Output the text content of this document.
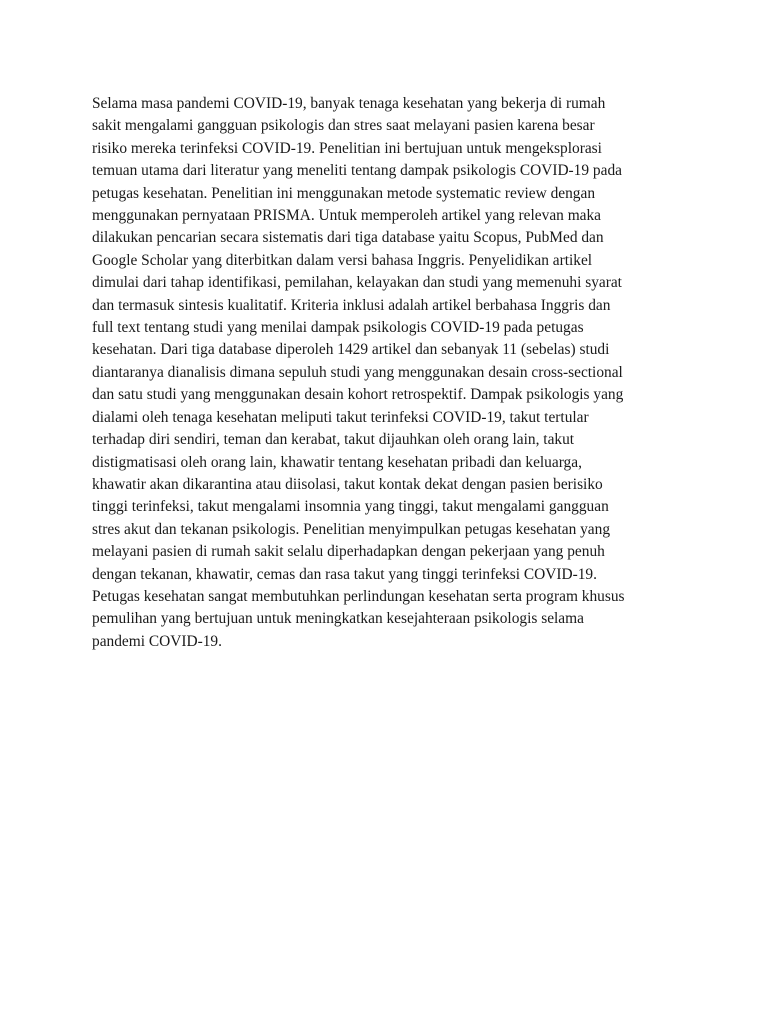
Selama masa pandemi COVID-19, banyak tenaga kesehatan yang bekerja di rumah
sakit mengalami gangguan psikologis dan stres saat melayani pasien karena besar
risiko mereka terinfeksi COVID-19. Penelitian ini bertujuan untuk mengeksplorasi
temuan utama dari literatur yang meneliti tentang dampak psikologis COVID-19 pada
petugas kesehatan. Penelitian ini menggunakan metode systematic review dengan
menggunakan pernyataan PRISMA. Untuk memperoleh artikel yang relevan maka
dilakukan pencarian secara sistematis dari tiga database yaitu Scopus, PubMed dan
Google Scholar yang diterbitkan dalam versi bahasa Inggris. Penyelidikan artikel
dimulai dari tahap identifikasi, pemilahan, kelayakan dan studi yang memenuhi syarat
dan termasuk sintesis kualitatif. Kriteria inklusi adalah artikel berbahasa Inggris dan
full text tentang studi yang menilai dampak psikologis COVID-19 pada petugas
kesehatan. Dari tiga database diperoleh 1429 artikel dan sebanyak 11 (sebelas) studi
diantaranya dianalisis dimana sepuluh studi yang menggunakan desain cross-sectional
dan satu studi yang menggunakan desain kohort retrospektif. Dampak psikologis yang
dialami oleh tenaga kesehatan meliputi takut terinfeksi COVID-19, takut tertular
terhadap diri sendiri, teman dan kerabat, takut dijauhkan oleh orang lain, takut
distigmatisasi oleh orang lain, khawatir tentang kesehatan pribadi dan keluarga,
khawatir akan dikarantina atau diisolasi, takut kontak dekat dengan pasien berisiko
tinggi terinfeksi, takut mengalami insomnia yang tinggi, takut mengalami gangguan
stres akut dan tekanan psikologis. Penelitian menyimpulkan petugas kesehatan yang
melayani pasien di rumah sakit selalu diperhadapkan dengan pekerjaan yang penuh
dengan tekanan, khawatir, cemas dan rasa takut yang tinggi terinfeksi COVID-19.
Petugas kesehatan sangat membutuhkan perlindungan kesehatan serta program khusus
pemulihan yang bertujuan untuk meningkatkan kesejahteraan psikologis selama
pandemi COVID-19.
